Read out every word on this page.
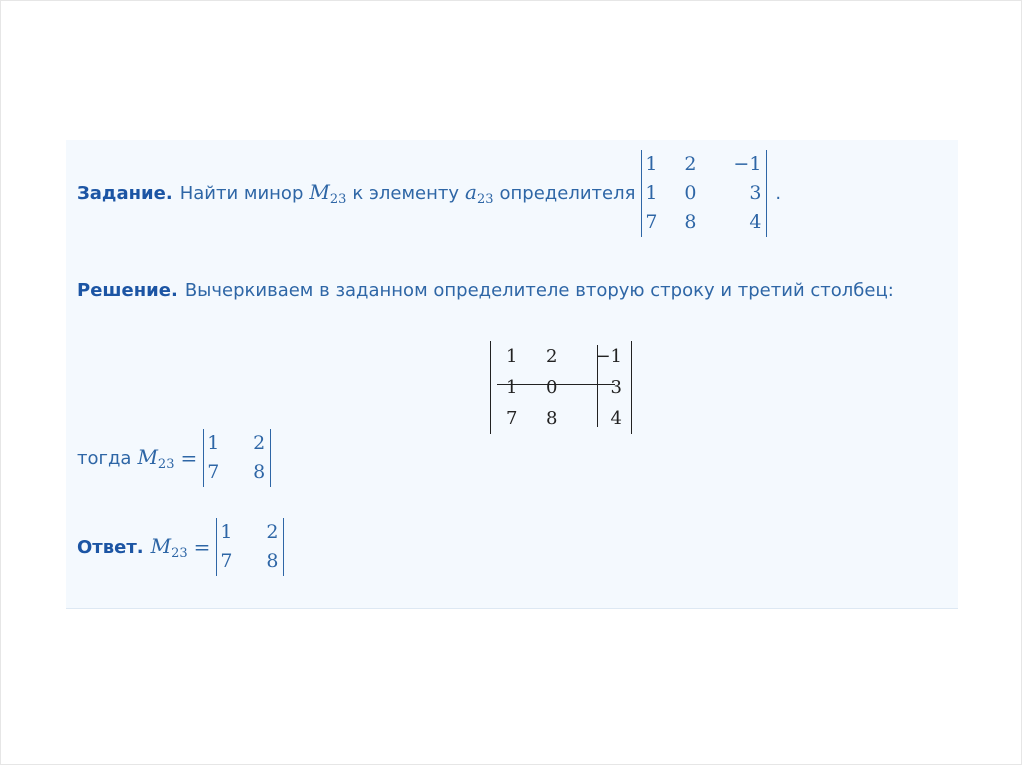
Задание. Найти минор $M_{23}$ к элементу $a_{23}$ определителя
1	2	−1
1	0	3
7	8	4
.
Решение. Вычеркиваем в заданном определителе вторую строку и третий столбец:
1	2	−1
1	0	3
7	8	4
тогда $M_{23}$ =
1	2
7	8
Ответ. $M_{23}$ =
1	2
7	8
